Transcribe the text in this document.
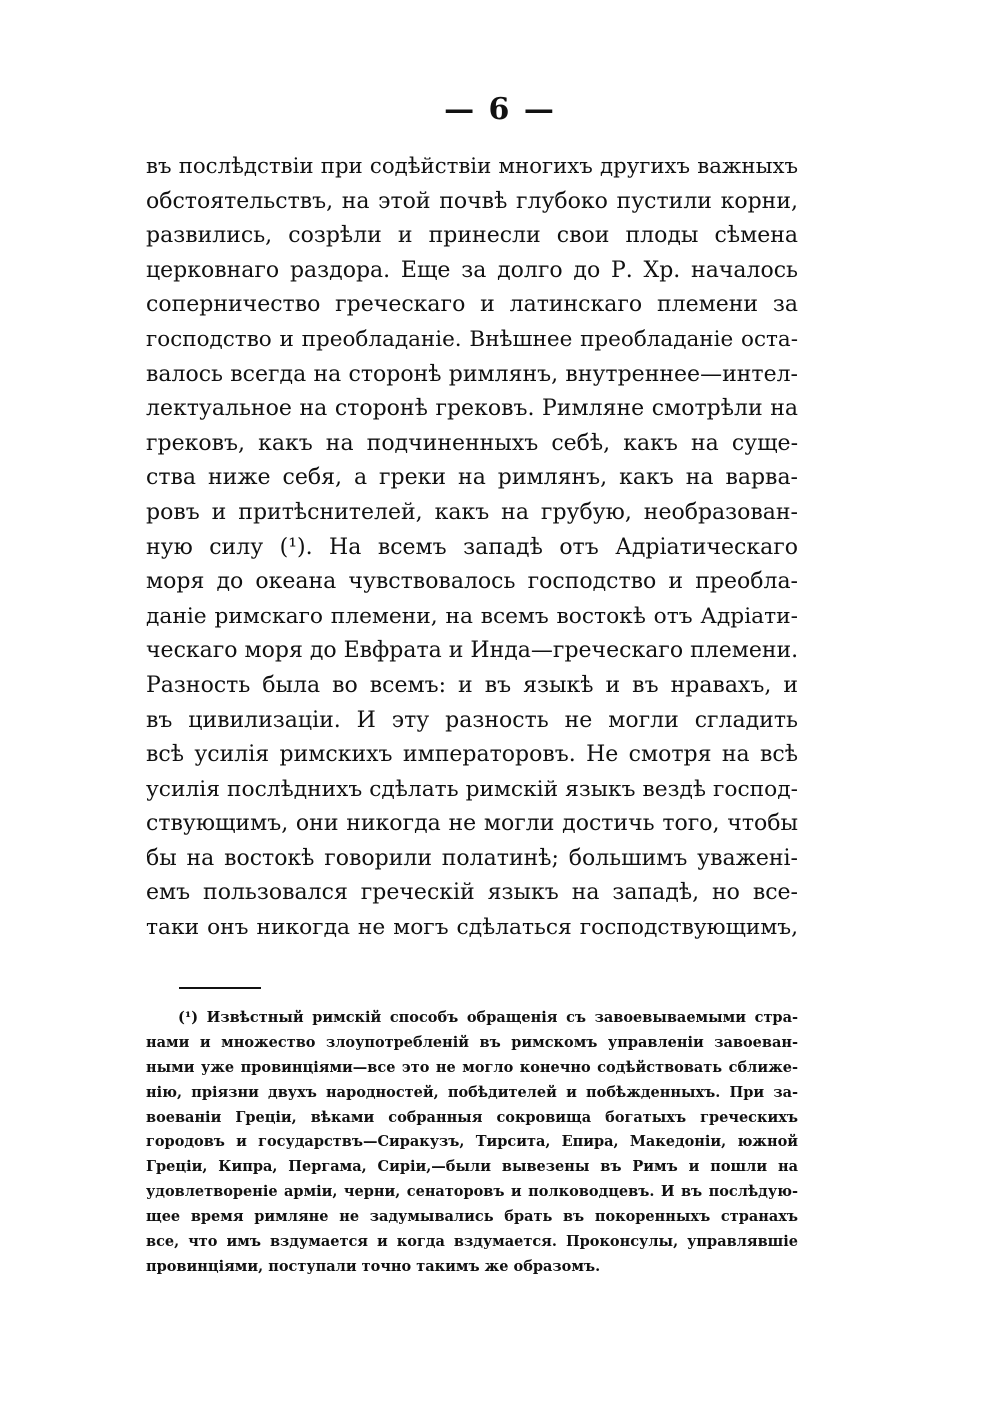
— 6 —
въ послѣдствіи при содѣйствіи многихъ другихъ важныхъ
обстоятельствъ, на этой почвѣ глубоко пустили корни,
развились, созрѣли и принесли свои плоды сѣмена
церковнаго раздора. Еще за долго до Р. Хр. началось
соперничество греческаго и латинскаго племени за
господство и преобладаніе. Внѣшнее преобладаніе оста-
валось всегда на сторонѣ римлянъ, внутреннее—интел-
лектуальное на сторонѣ грековъ. Римляне смотрѣли на
грековъ, какъ на подчиненныхъ себѣ, какъ на суще-
ства ниже себя, а греки на римлянъ, какъ на варва-
ровъ и притѣснителей, какъ на грубую, необразован-
ную силу (¹). На всемъ западѣ отъ Адріатическаго
моря до океана чувствовалось господство и преобла-
даніе римскаго племени, на всемъ востокѣ отъ Адріати-
ческаго моря до Евфрата и Инда—греческаго племени.
Разность была во всемъ: и въ языкѣ и въ нравахъ, и
въ цивилизаціи. И эту разность не могли сгладить
всѣ усилія римскихъ императоровъ. Не смотря на всѣ
усилія послѣднихъ сдѣлать римскій языкъ вездѣ господ-
ствующимъ, они никогда не могли достичь того, чтобы
бы на востокѣ говорили полатинѣ; большимъ уваженi-
емъ пользовался греческій языкъ на западѣ, но все-
таки онъ никогда не могъ сдѣлаться господствующимъ,
(¹) Извѣстный римскій способъ обращенія съ завоевываемыми стра-
нами и множество злоупотребленій въ римскомъ управленіи завоеван-
ными уже провинціями—все это не могло конечно содѣйствовать сближе-
нію, пріязни двухъ народностей, побѣдителей и побѣжденныхъ. При за-
воеваніи Греціи, вѣками собранныя сокровища богатыхъ греческихъ
городовъ и государствъ—Сиракузъ, Тирсита, Епира, Македоніи, южной
Греціи, Кипра, Пергама, Сиріи,—были вывезены въ Римъ и пошли на
удовлетвореніе арміи, черни, сенаторовъ и полководцевъ. И въ послѣдую-
щее время римляне не задумывались брать въ покоренныхъ странахъ
все, что имъ вздумается и когда вздумается. Проконсулы, управлявшіе
провинціями, поступали точно такимъ же образомъ.
